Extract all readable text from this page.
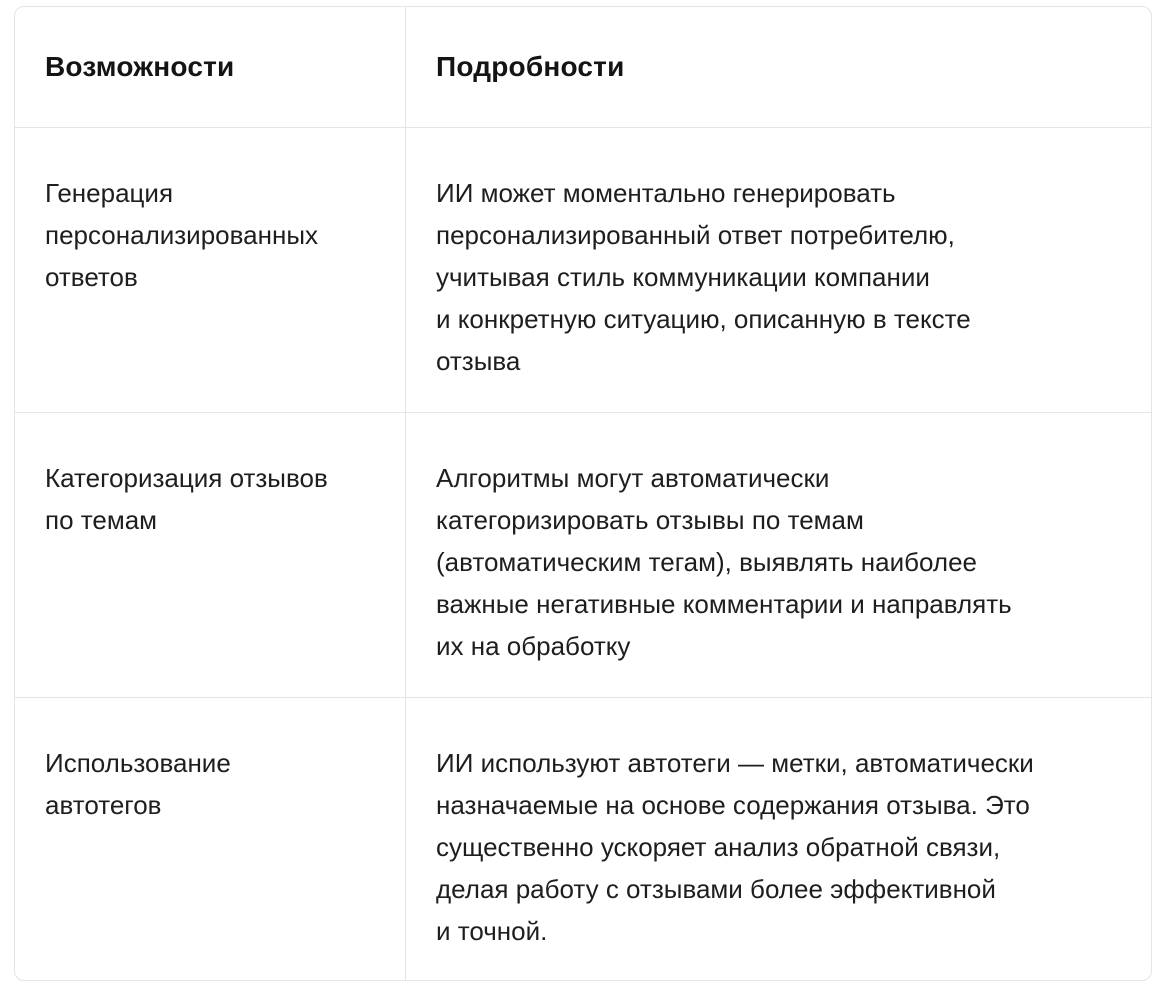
Возможности	Подробности
Генерация
персонализированных
ответов
ИИ может моментально генерировать
персонализированный ответ потребителю,
учитывая стиль коммуникации компании
и конкретную ситуацию, описанную в тексте
отзыва
Категоризация отзывов
по темам
Алгоритмы могут автоматически
категоризировать отзывы по темам
(автоматическим тегам), выявлять наиболее
важные негативные комментарии и направлять
их на обработку
Использование
автотегов
ИИ используют автотеги — метки, автоматически
назначаемые на основе содержания отзыва. Это
существенно ускоряет анализ обратной связи,
делая работу с отзывами более эффективной
и точной.
